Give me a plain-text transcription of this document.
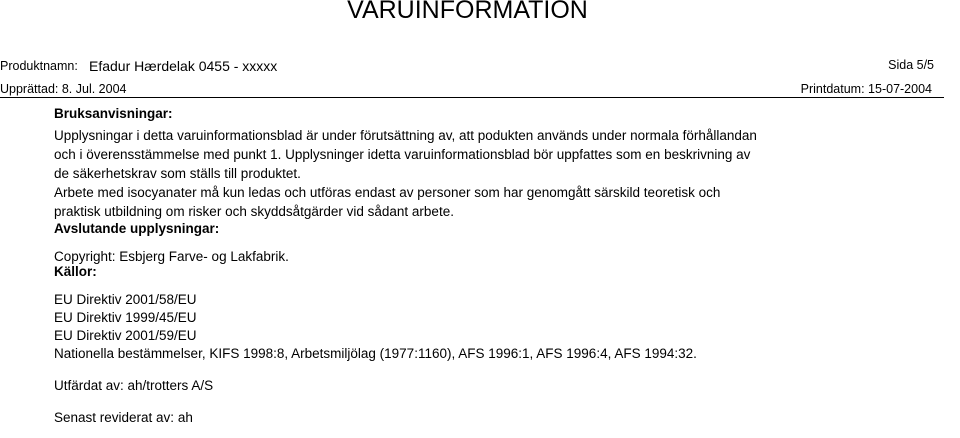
VARUINFORMATION
Produktnamn: Efadur Hærdelak 0455 - xxxxx	Sida 5/5
Upprättad: 8. Jul. 2004	Printdatum: 15-07-2004
Bruksanvisningar:
Upplysningar i detta varuinformationsblad är under förutsättning av, att podukten används under normala förhållandan
och i överensstämmelse med punkt 1. Upplysninger idetta varuinformationsblad bör uppfattes som en beskrivning av
de säkerhetskrav som ställs till produktet.
Arbete med isocyanater må kun ledas och utföras endast av personer som har genomgått särskild teoretisk och
praktisk utbildning om risker och skyddsåtgärder vid sådant arbete.
Avslutande upplysningar:
Copyright: Esbjerg Farve- og Lakfabrik.
Källor:
EU Direktiv 2001/58/EU
EU Direktiv 1999/45/EU
EU Direktiv 2001/59/EU
Nationella bestämmelser, KIFS 1998:8, Arbetsmiljölag (1977:1160), AFS 1996:1, AFS 1996:4, AFS 1994:32.
Utfärdat av: ah/trotters A/S
Senast reviderat av: ah
